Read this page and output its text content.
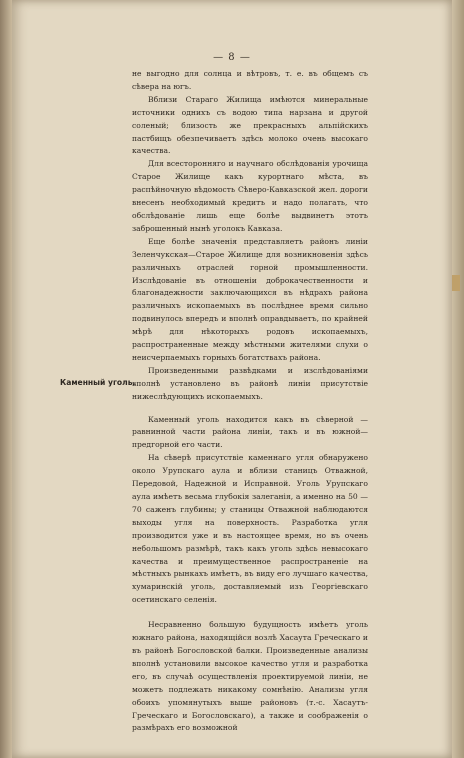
— 8 —
Каменный уголь.

не выгодно для солнца и вѣтровъ, т. е. въ общемъ съ сѣвера на югъ.

Вблизи Стараго Жилища имѣются минеральные источники однихъ съ водою типа нарзана и другой соленый; близость же прекрасныхъ альпійскихъ пастбищъ обезпечиваетъ здѣсь молоко очень высокаго качества.

Для всесторонняго и научнаго обслѣдованія урочища Старое Жилище какъ курортнаго мѣста, въ распѣйночную вѣдомость Сѣверо-Кавказской жел. дороги внесенъ необходимый кредитъ и надо полагать, что обслѣдованіе лишь еще болѣе выдвинетъ этотъ заброшенный нынѣ уголокъ Кавказа.

Еще болѣе значенія представляетъ районъ линіи Зеленчукская—Старое Жилище для возникновенія здѣсь различныхъ отраслей горной промышленности. Изслѣдованіе въ отношеніи доброкачественности и благонадежности заключающихся въ нѣдрахъ района различныхъ ископаемыхъ въ послѣднее время сильно подвинулось впередъ и вполнѣ оправдываетъ, по крайней мѣрѣ для нѣкоторыхъ родовъ ископаемыхъ, распространенные между мѣстными жителями слухи о неисчерпаемыхъ горныхъ богатствахъ района.

Произведенными развѣдками и изслѣдованіями вполнѣ установлено въ районѣ линіи присутствіе нижеслѣдующихъ ископаемыхъ.

Каменный уголь находится какъ въ сѣверной — равнинной части района линіи, такъ и въ южной—предгорной его части.

На сѣверѣ присутствіе каменнаго угля обнаружено около Урупскаго аула и вблизи станицъ Отважной, Передовой, Надежной и Исправной. Уголь Урупскаго аула имѣетъ весьма глубокія залеганія, а именно на 50 — 70 саженъ глубины; у станицы Отважной наблюдаются выходы угля на поверхность. Разработка угля производится уже и въ настоящее время, но въ очень небольшомъ размѣрѣ, такъ какъ уголь здѣсь невысокаго качества и преимущественное распространеніе на мѣстныхъ рынкахъ имѣетъ, въ виду его лучшаго качества, хумаринскій уголь, доставляемый изъ Георгіевскаго осетинскаго селенія.

Несравненно большую будущность имѣетъ уголь южнаго района, находящійся возлѣ Хасаута Греческаго и въ районѣ Богословской балки. Произведенные анализы вполнѣ установили высокое качество угля и разработка его, въ случаѣ осуществленія проектируемой линіи, не можетъ подлежать никакому сомнѣнію. Анализы угля обоихъ упомянутыхъ выше районовъ (т.-с. Хасаутъ-Греческаго и Богословскаго), а также и соображенія о размѣрахъ его возможной
